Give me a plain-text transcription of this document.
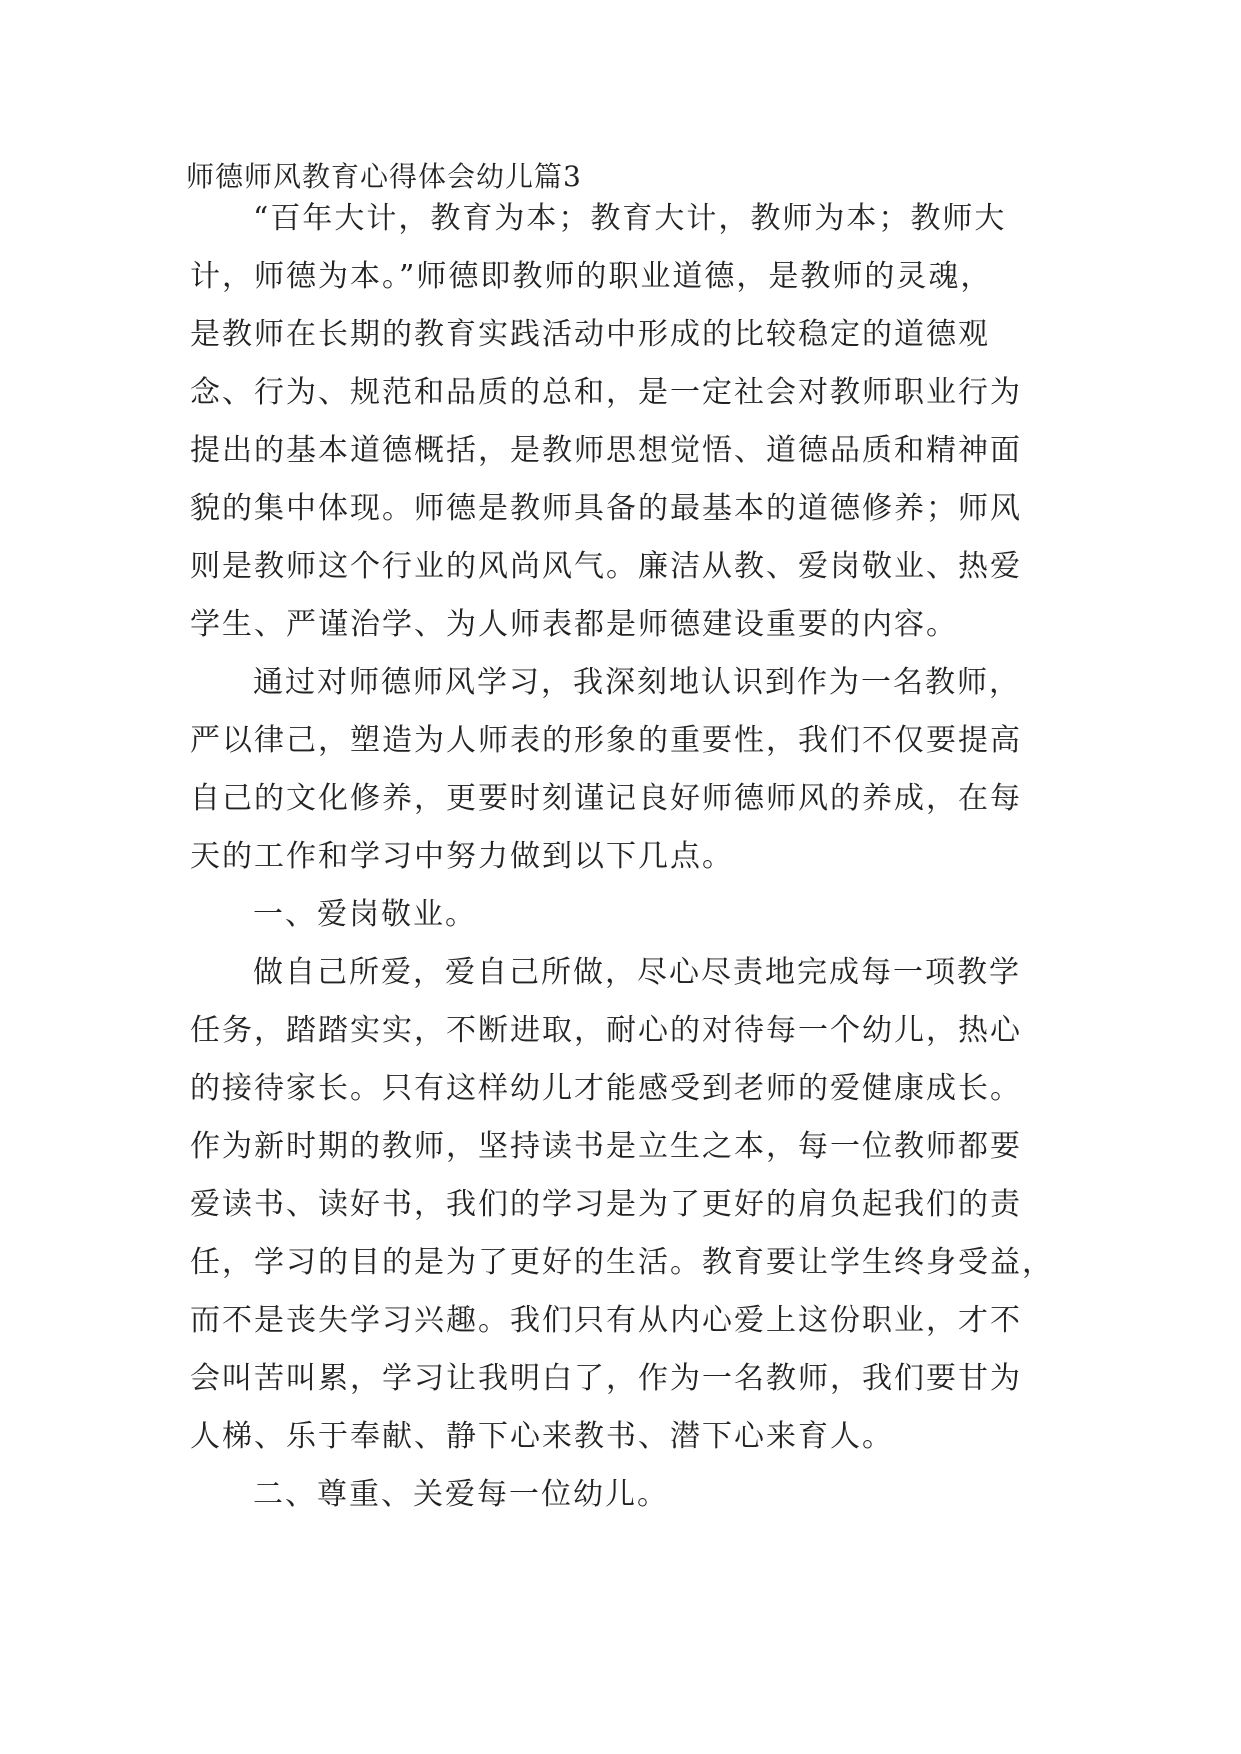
师德师风教育心得体会幼儿篇3
“百年大计，教育为本；教育大计，教师为本；教师大
计，师德为本。”师德即教师的职业道德，是教师的灵魂，
是教师在长期的教育实践活动中形成的比较稳定的道德观
念、行为、规范和品质的总和，是一定社会对教师职业行为
提出的基本道德概括，是教师思想觉悟、道德品质和精神面
貌的集中体现。师德是教师具备的最基本的道德修养；师风
则是教师这个行业的风尚风气。廉洁从教、爱岗敬业、热爱
学生、严谨治学、为人师表都是师德建设重要的内容。
通过对师德师风学习，我深刻地认识到作为一名教师，
严以律己，塑造为人师表的形象的重要性，我们不仅要提高
自己的文化修养，更要时刻谨记良好师德师风的养成，在每
天的工作和学习中努力做到以下几点。
一、爱岗敬业。
做自己所爱，爱自己所做，尽心尽责地完成每一项教学
任务，踏踏实实，不断进取，耐心的对待每一个幼儿，热心
的接待家长。只有这样幼儿才能感受到老师的爱健康成长。
作为新时期的教师，坚持读书是立生之本，每一位教师都要
爱读书、读好书，我们的学习是为了更好的肩负起我们的责
任，学习的目的是为了更好的生活。教育要让学生终身受益，
而不是丧失学习兴趣。我们只有从内心爱上这份职业，才不
会叫苦叫累，学习让我明白了，作为一名教师，我们要甘为
人梯、乐于奉献、静下心来教书、潜下心来育人。
二、尊重、关爱每一位幼儿。
